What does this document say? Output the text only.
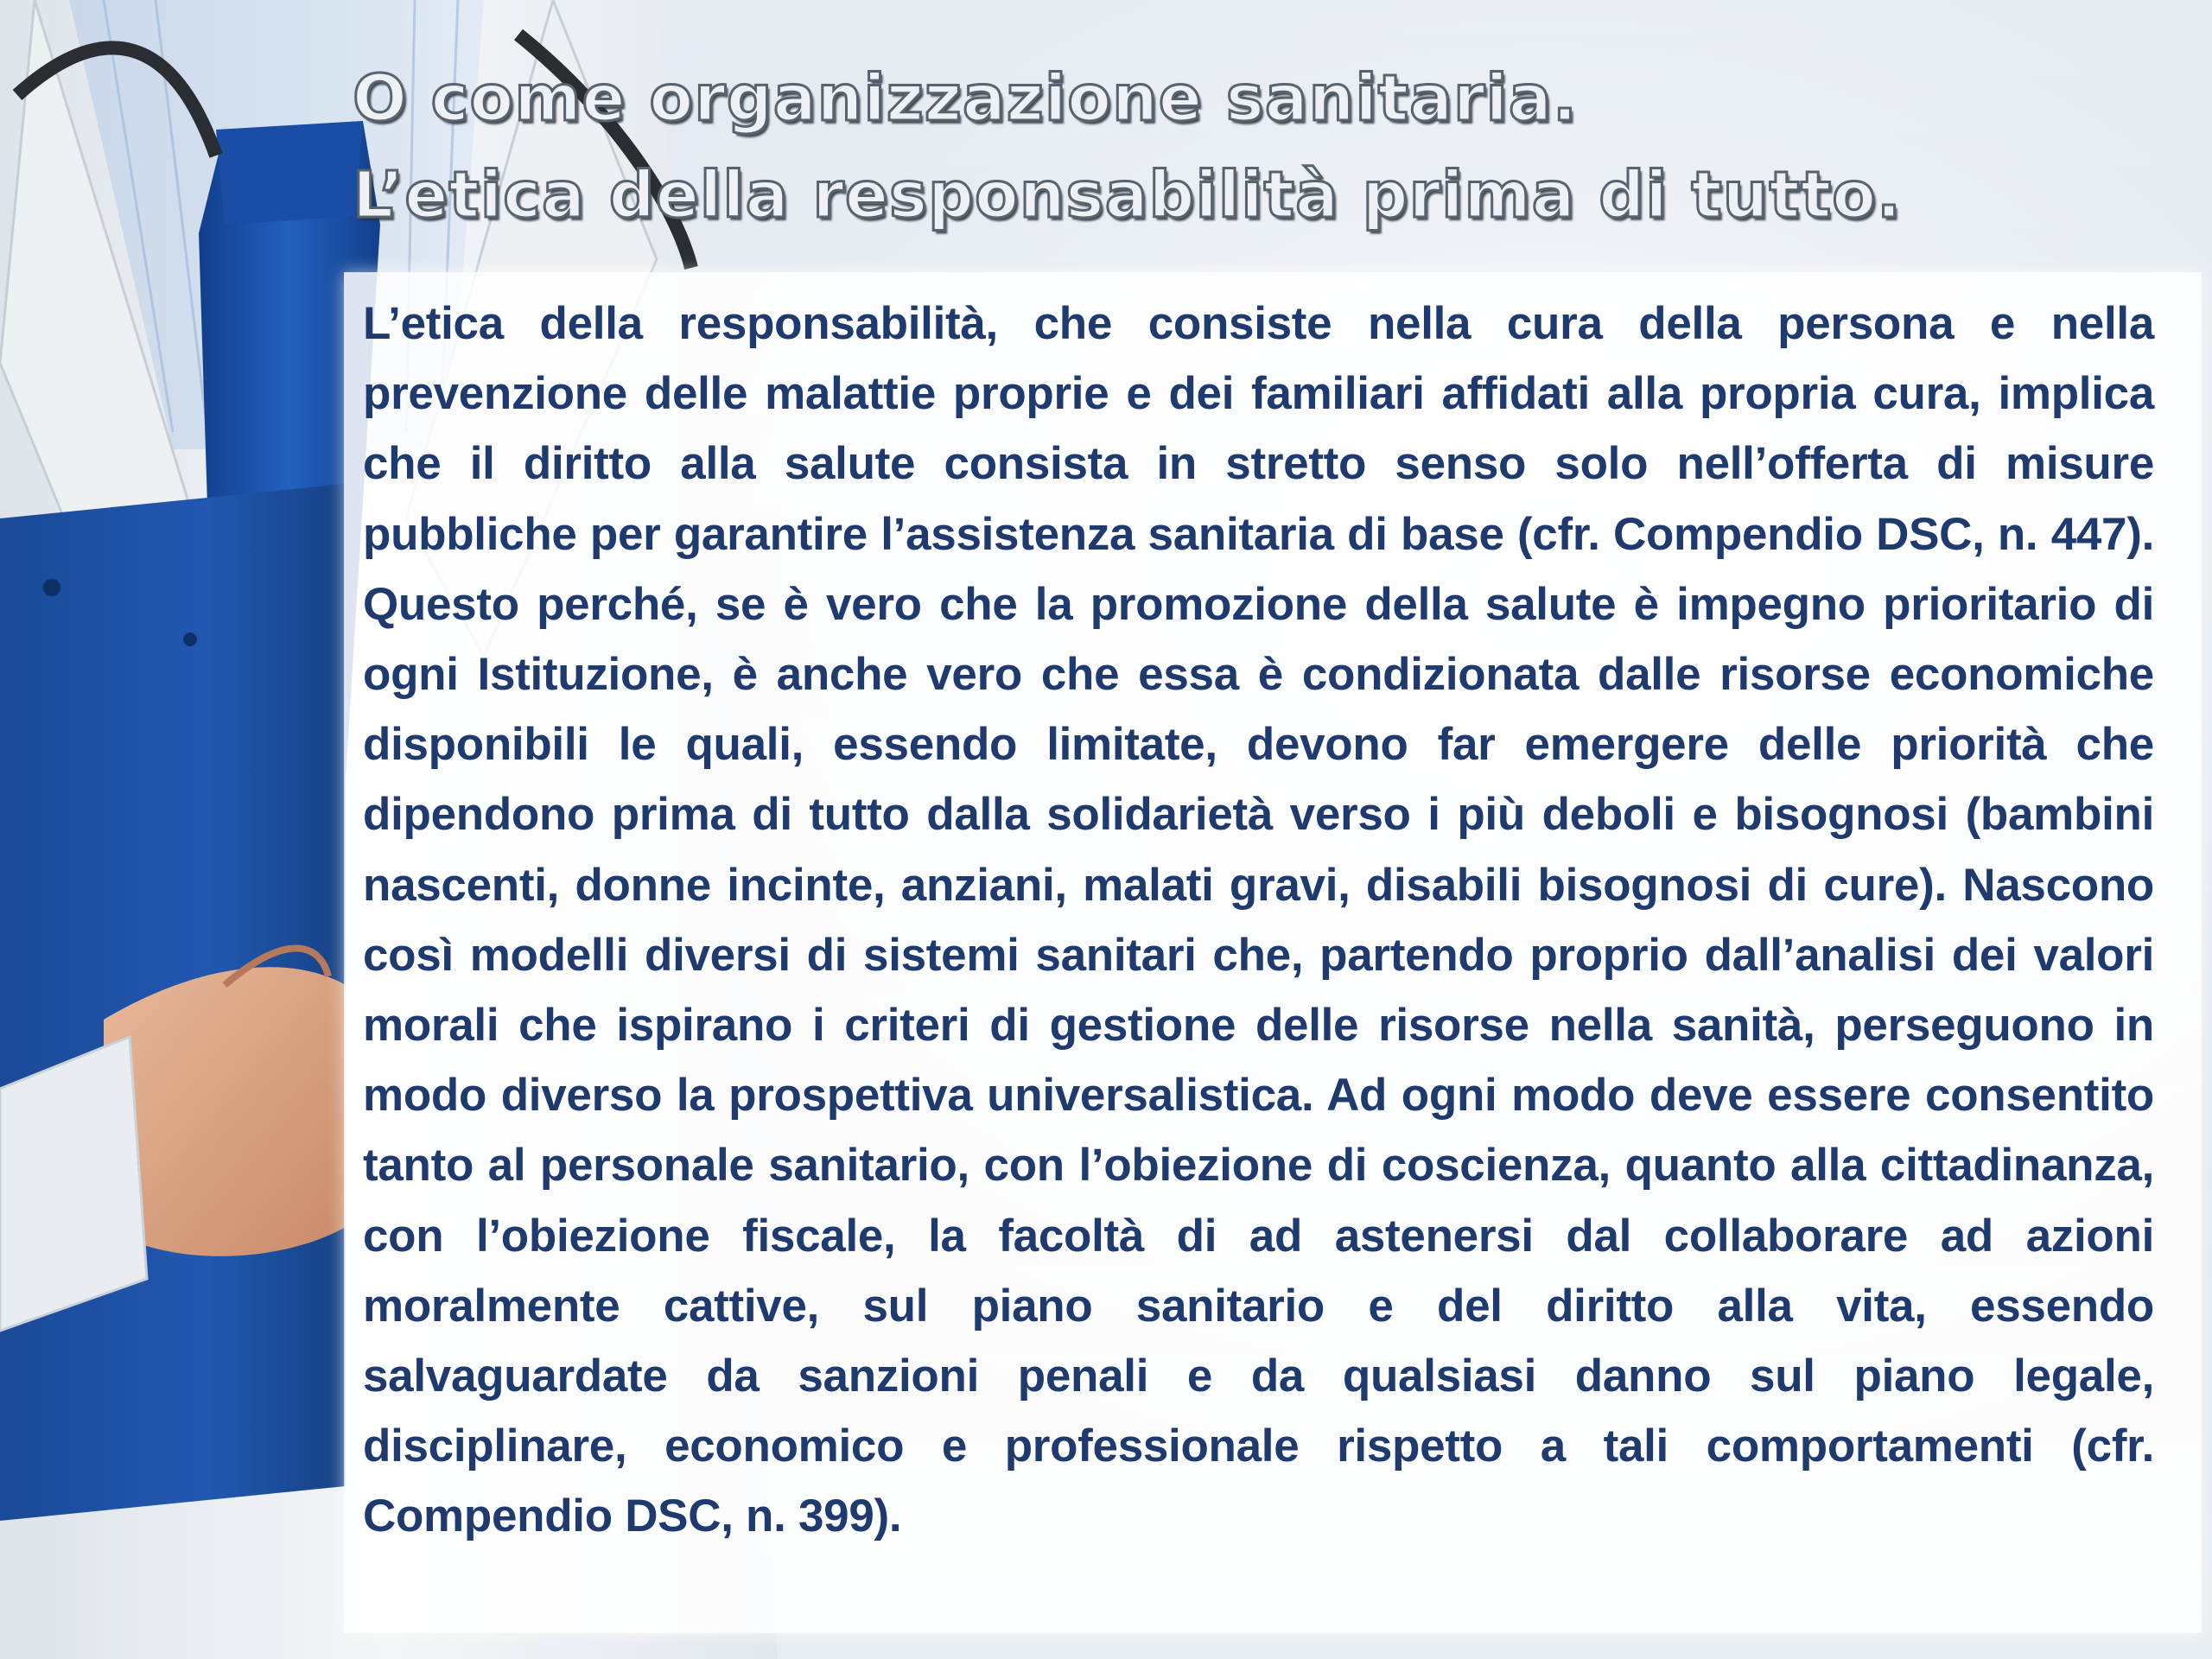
O come organizzazione sanitaria.
L’etica della responsabilità prima di tutto.

L’etica della responsabilità, che consiste nella cura della persona e nella prevenzione delle malattie proprie e dei familiari affidati alla propria cura, implica che il diritto alla salute consista in stretto senso solo nell’offerta di misure pubbliche per garantire l’assistenza sanitaria di base (cfr. Compendio DSC, n. 447). Questo perché, se è vero che la promozione della salute è impegno prioritario di ogni Istituzione, è anche vero che essa è condizionata dalle risorse economiche disponibili le quali, essendo limitate, devono far emergere delle priorità che dipendono prima di tutto dalla solidarietà verso i più deboli e bisognosi (bambini nascenti, donne incinte, anziani, malati gravi, disabili bisognosi di cure). Nascono così modelli diversi di sistemi sanitari che, partendo proprio dall’analisi dei valori morali che ispirano i criteri di gestione delle risorse nella sanità, perseguono in modo diverso la prospettiva universalistica. Ad ogni modo deve essere consentito tanto al personale sanitario, con l’obiezione di coscienza, quanto alla cittadinanza, con l’obiezione fiscale, la facoltà di ad astenersi dal collaborare ad azioni moralmente cattive, sul piano sanitario e del diritto alla vita, essendo salvaguardate da sanzioni penali e da qualsiasi danno sul piano legale, disciplinare, economico e professionale rispetto a tali comportamenti (cfr. Compendio DSC, n. 399).
